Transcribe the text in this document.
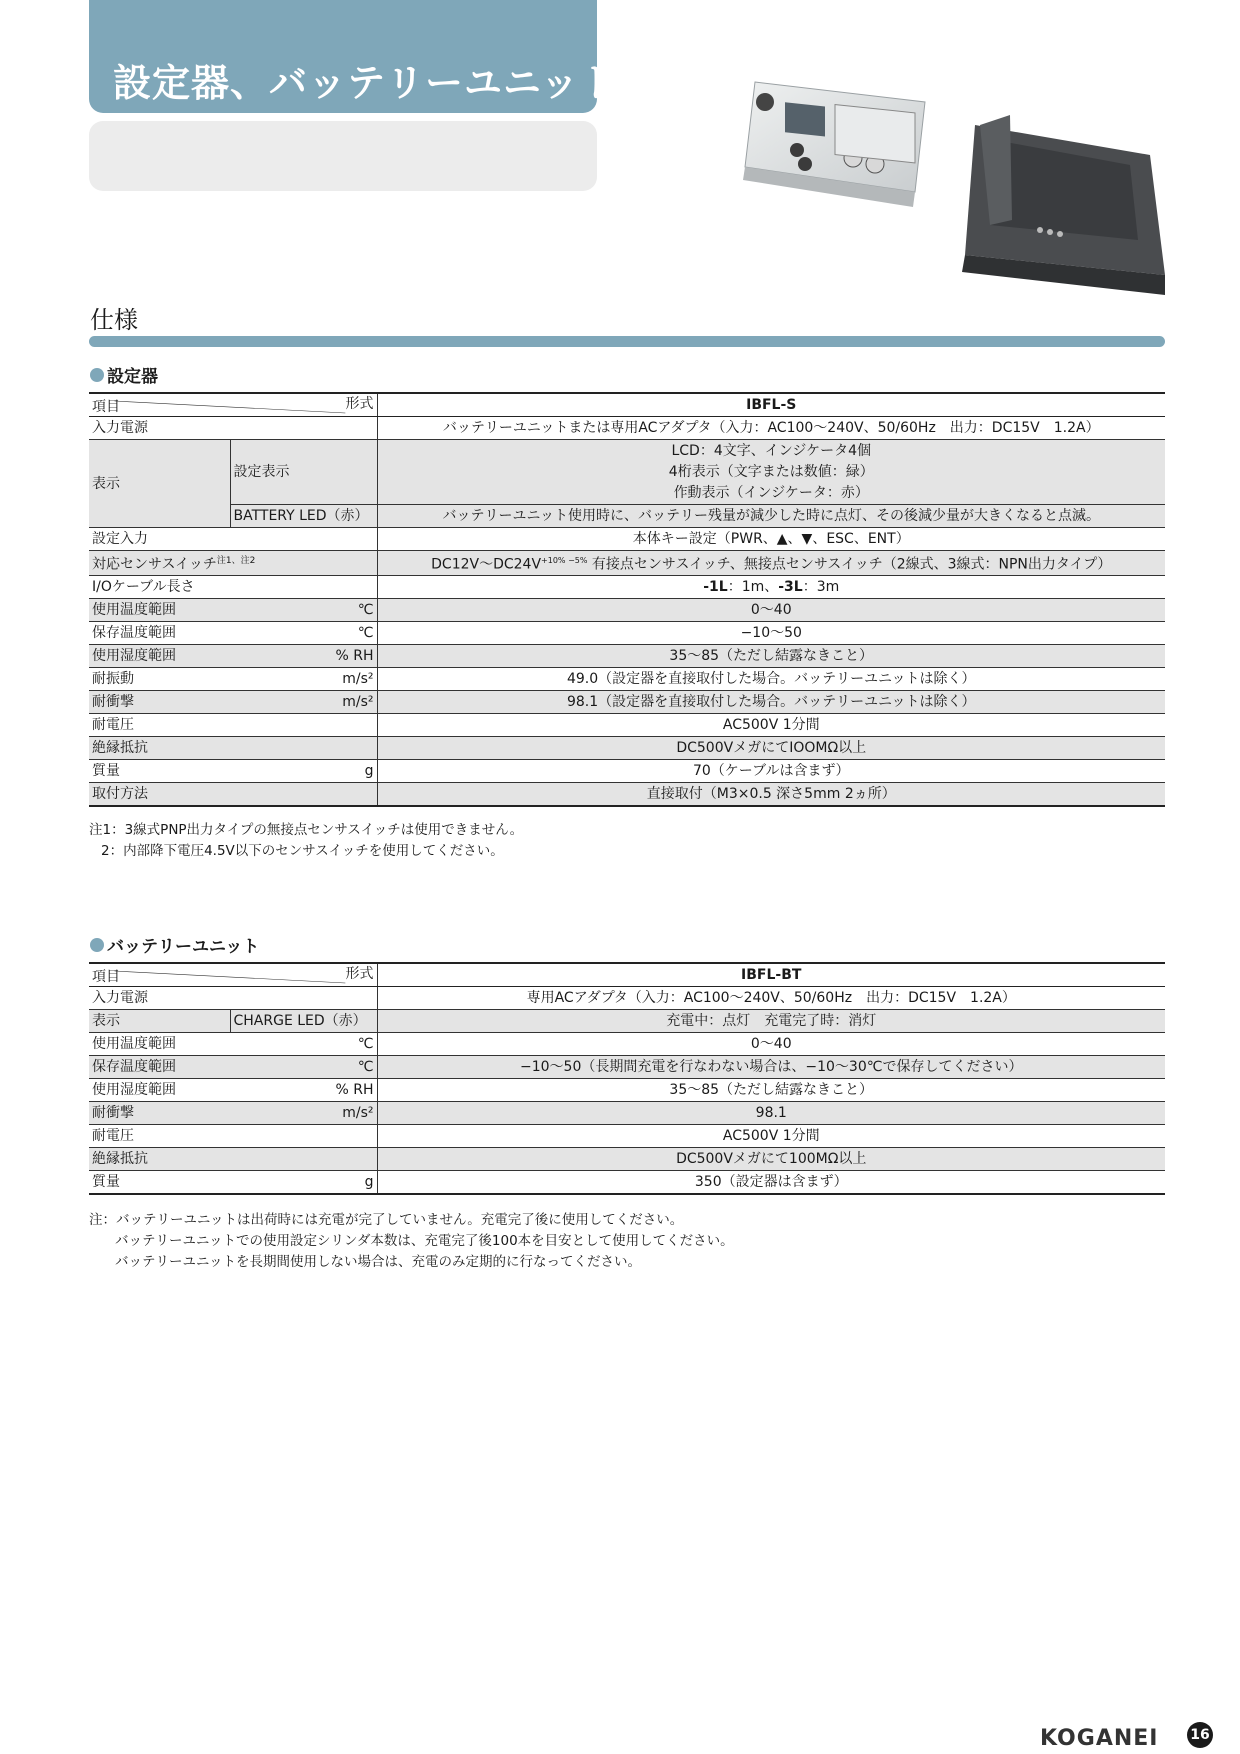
設定器、バッテリーユニット
仕様
設定器
項目 形式		IBFL-S
入力電源		バッテリーユニットまたは専用ACアダプタ（入力：AC100〜240V、50/60Hz　出力：DC15V　1.2A）
表示	設定表示	LCD：4文字、インジケータ4個
4桁表示（文字または数値：緑）
作動表示（インジケータ：赤）

	BATTERY LED（赤）	バッテリーユニット使用時に、バッテリー残量が減少した時に点灯、その後減少量が大きくなると点滅。
設定入力		本体キー設定（PWR、▲、▼、ESC、ENT）
対応センサスイッチ$^{注1、注2}$		DC12V〜$DC24V^{+10\% -5\%}$ 有接点センサスイッチ、無接点センサスイッチ（2線式、3線式：NPN出力タイプ）
I/Oケーブル長さ		-1L：1m、-3L：3m
使用温度範囲 ℃		0〜40
保存温度範囲 ℃		−10〜50
使用湿度範囲 % RH		35〜85（ただし結露なきこと）
耐振動 m/s²		49.0（設定器を直接取付した場合。バッテリーユニットは除く）
耐衝撃 m/s²		98.1（設定器を直接取付した場合。バッテリーユニットは除く）
耐電圧		AC500V 1分間
絶縁抵抗		DC500VメガにてIOOMΩ以上
質量 g		70（ケーブルは含まず）
取付方法		直接取付（M3×0.5 深さ5mm 2ヵ所）
注1：3線式PNP出力タイプの無接点センサスイッチは使用できません。
2：内部降下電圧4.5V以下のセンサスイッチを使用してください。
バッテリーユニット
項目 形式		IBFL-BT
入力電源		専用ACアダプタ（入力：AC100〜240V、50/60Hz　出力：DC15V　1.2A）
表示	CHARGE LED（赤）	充電中：点灯　充電完了時：消灯
使用温度範囲 ℃		0〜40
保存温度範囲 ℃		−10〜50（長期間充電を行なわない場合は、−10〜30℃で保存してください）
使用湿度範囲 % RH		35〜85（ただし結露なきこと）
耐衝撃 m/s²		98.1
耐電圧		AC500V 1分間
絶縁抵抗		DC500Vメガにて100MΩ以上
質量 g		350（設定器は含まず）
注：バッテリーユニットは出荷時には充電が完了していません。充電完了後に使用してください。
バッテリーユニットでの使用設定シリンダ本数は、充電完了後100本を目安として使用してください。
バッテリーユニットを長期間使用しない場合は、充電のみ定期的に行なってください。
KOGANEI 16
